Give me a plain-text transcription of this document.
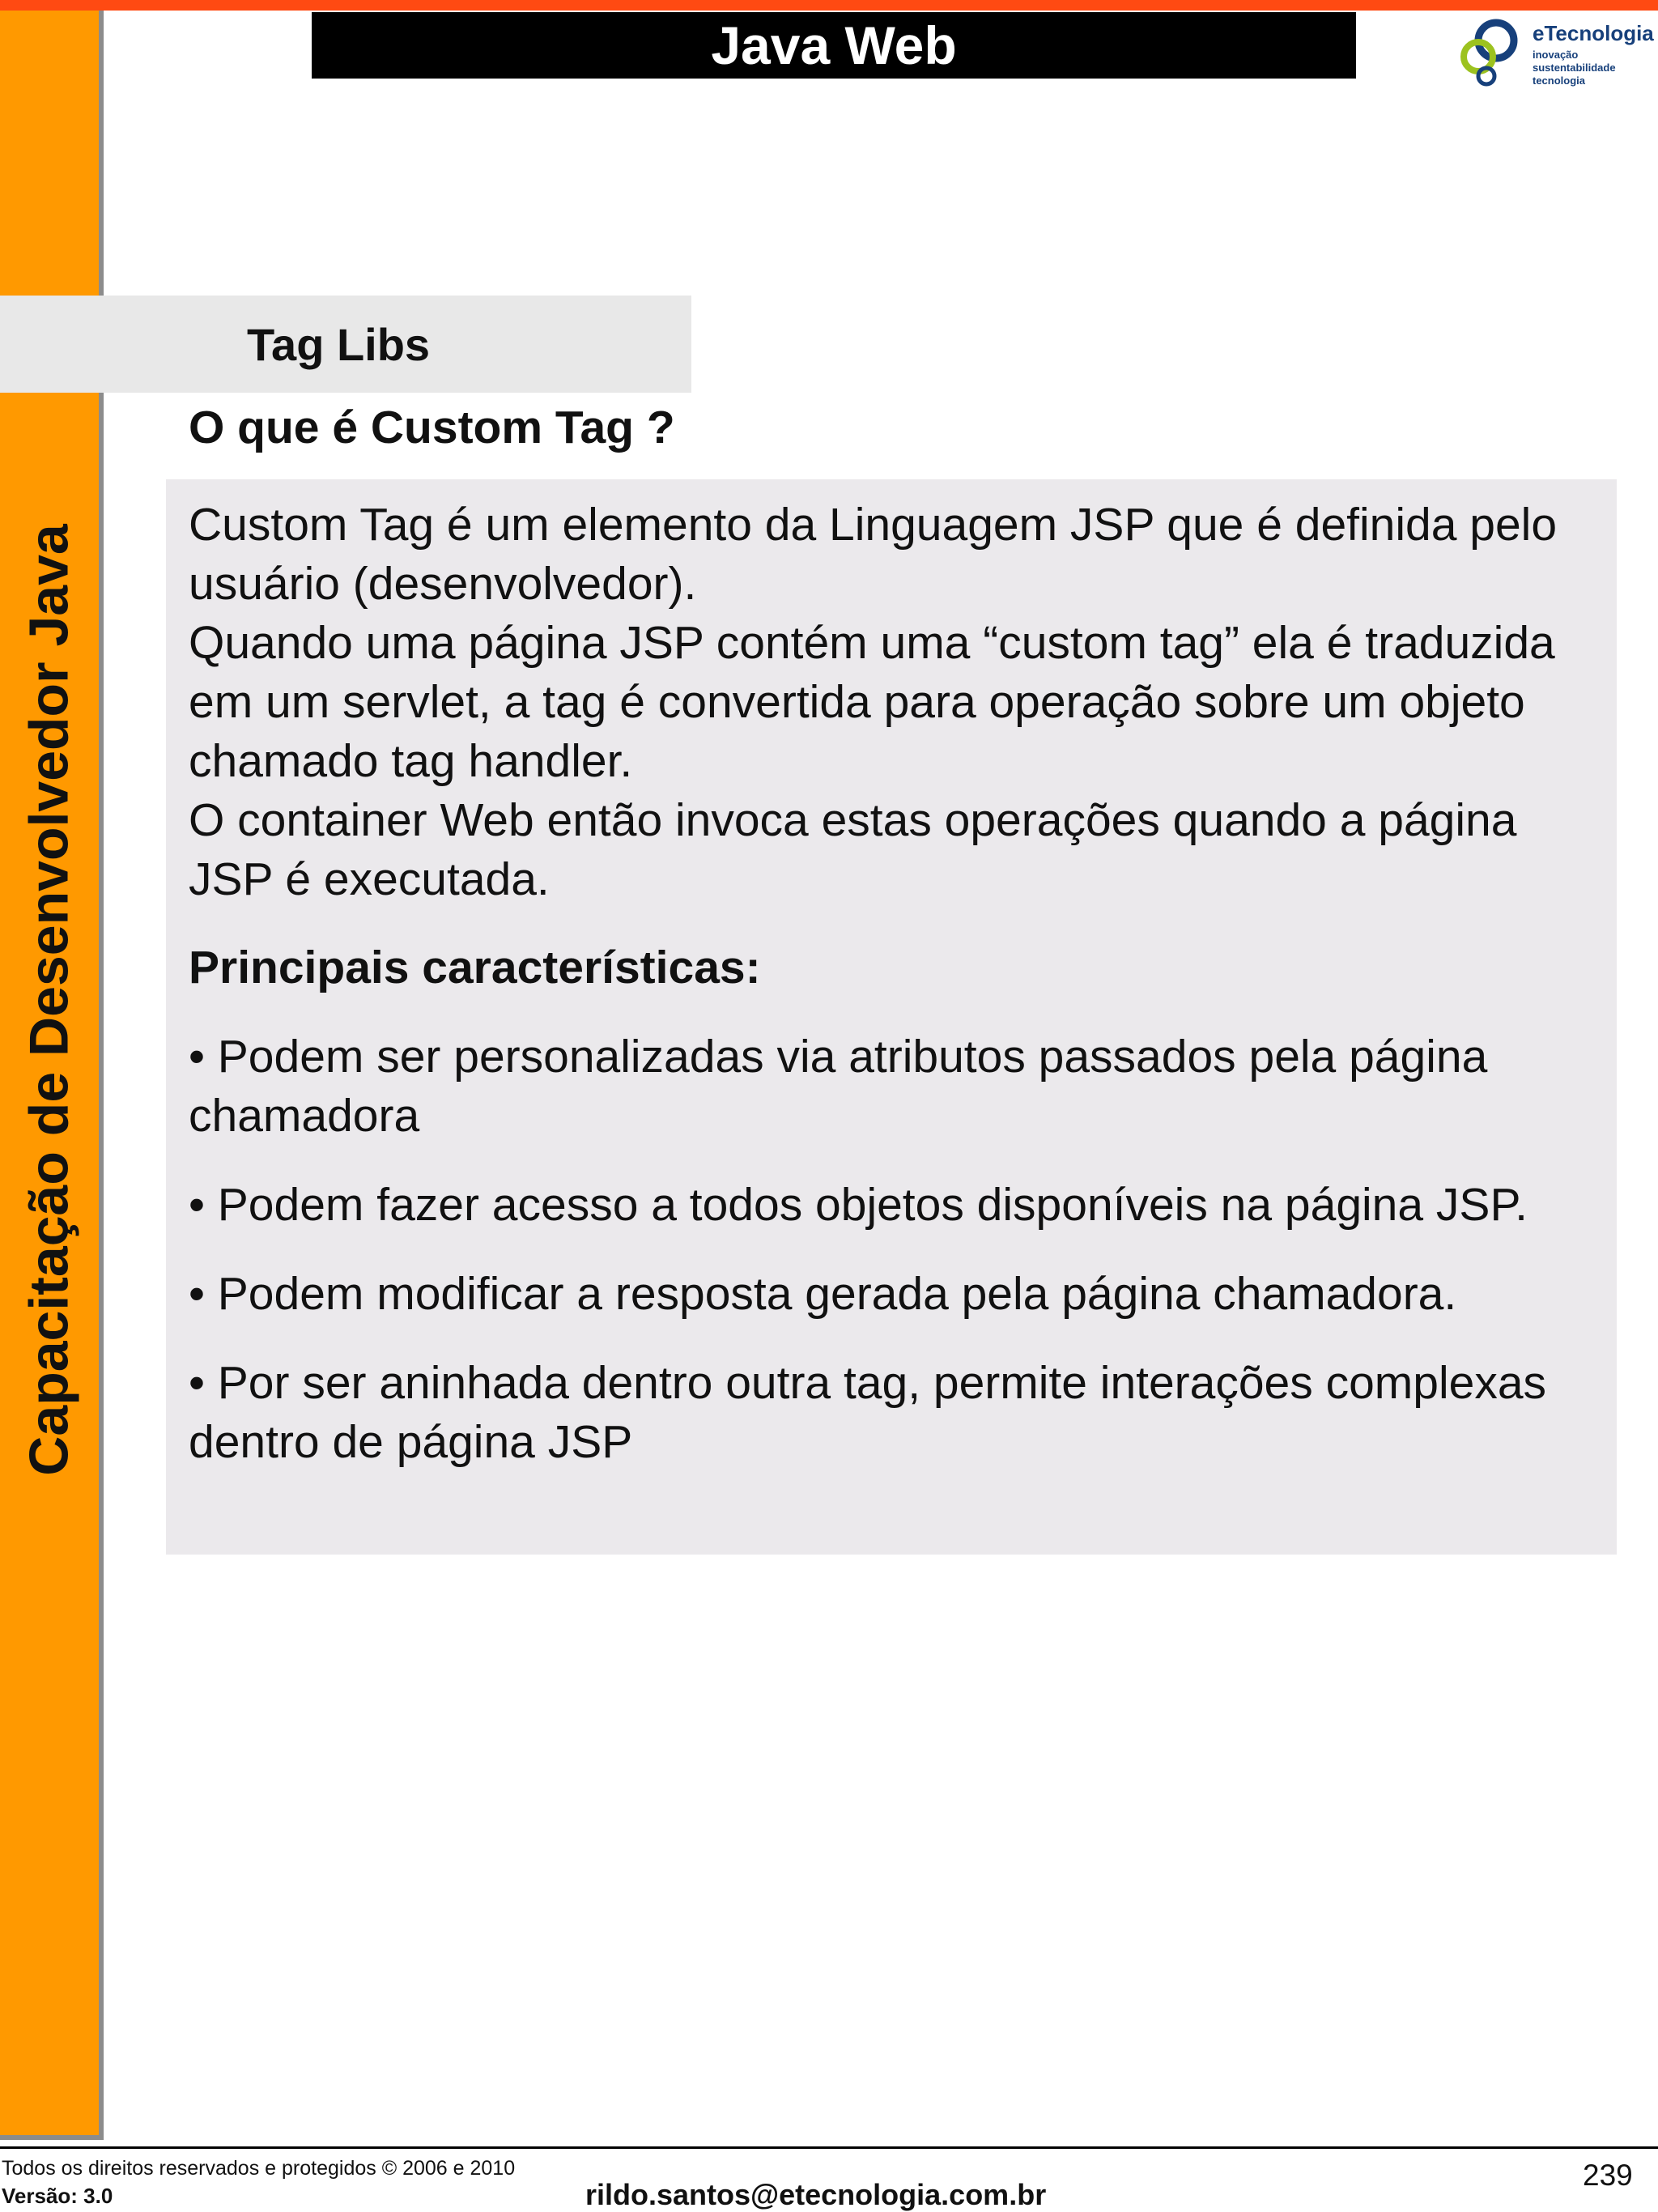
Java Web	eTecnologia
inovação
sustentabilidade
tecnologia
Capacitação de Desenvolvedor Java
Tag Libs
O que é Custom Tag ?

Custom Tag é um elemento da Linguagem JSP que é definida pelo usuário (desenvolvedor).

Quando uma página JSP contém uma “custom tag” ela é traduzida em um servlet, a tag é convertida para operação sobre um objeto chamado tag handler.

O container Web então invoca estas operações quando a página JSP é executada.

Principais características:

• Podem ser personalizadas via atributos passados pela página chamadora

• Podem fazer acesso a todos objetos disponíveis na página JSP.

• Podem modificar a resposta gerada pela página chamadora.

• Por ser aninhada dentro outra tag, permite interações complexas dentro de página JSP

Todos os direitos reservados e protegidos © 2006 e 2010
Versão: 3.0	rildo.santos@etecnologia.com.br
239
